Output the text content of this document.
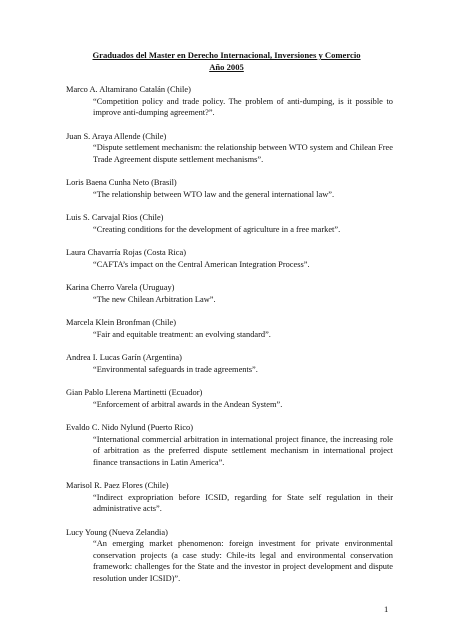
Graduados del Master en Derecho Internacional, Inversiones y Comercio
Año 2005
Marco A. Altamirano Catalán (Chile)
“Competition policy and trade policy. The problem of anti-dumping, is it possible to improve anti-dumping agreement?”.
Juan S. Araya Allende (Chile)
“Dispute settlement mechanism: the relationship between WTO system and Chilean Free Trade Agreement dispute settlement mechanisms”.
Loris Baena Cunha Neto (Brasil)
“The relationship between WTO law and the general international law”.
Luis S. Carvajal Rios (Chile)
“Creating conditions for the development of agriculture in a free market”.
Laura Chavarría Rojas (Costa Rica)
“CAFTA’s impact on the Central American Integration Process”.
Karina Cherro Varela (Uruguay)
“The new Chilean Arbitration Law”.
Marcela Klein Bronfman (Chile)
“Fair and equitable treatment: an evolving standard”.
Andrea I. Lucas Garín (Argentina)
“Environmental safeguards in trade agreements”.
Gian Pablo Llerena Martinetti (Ecuador)
“Enforcement of arbitral awards in the Andean System”.
Evaldo C. Nido Nylund (Puerto Rico)
“International commercial arbitration in international project finance, the increasing role of arbitration as the preferred dispute settlement mechanism in international project finance transactions in Latin America”.
Marisol R. Paez Flores (Chile)
“Indirect expropriation before ICSID, regarding for State self regulation in their administrative acts”.
Lucy Young (Nueva Zelandia)
“An emerging market phenomenon: foreign investment for private environmental conservation projects (a case study: Chile-its legal and environmental conservation framework: challenges for the State and the investor in project development and dispute resolution under ICSID)”.
1
